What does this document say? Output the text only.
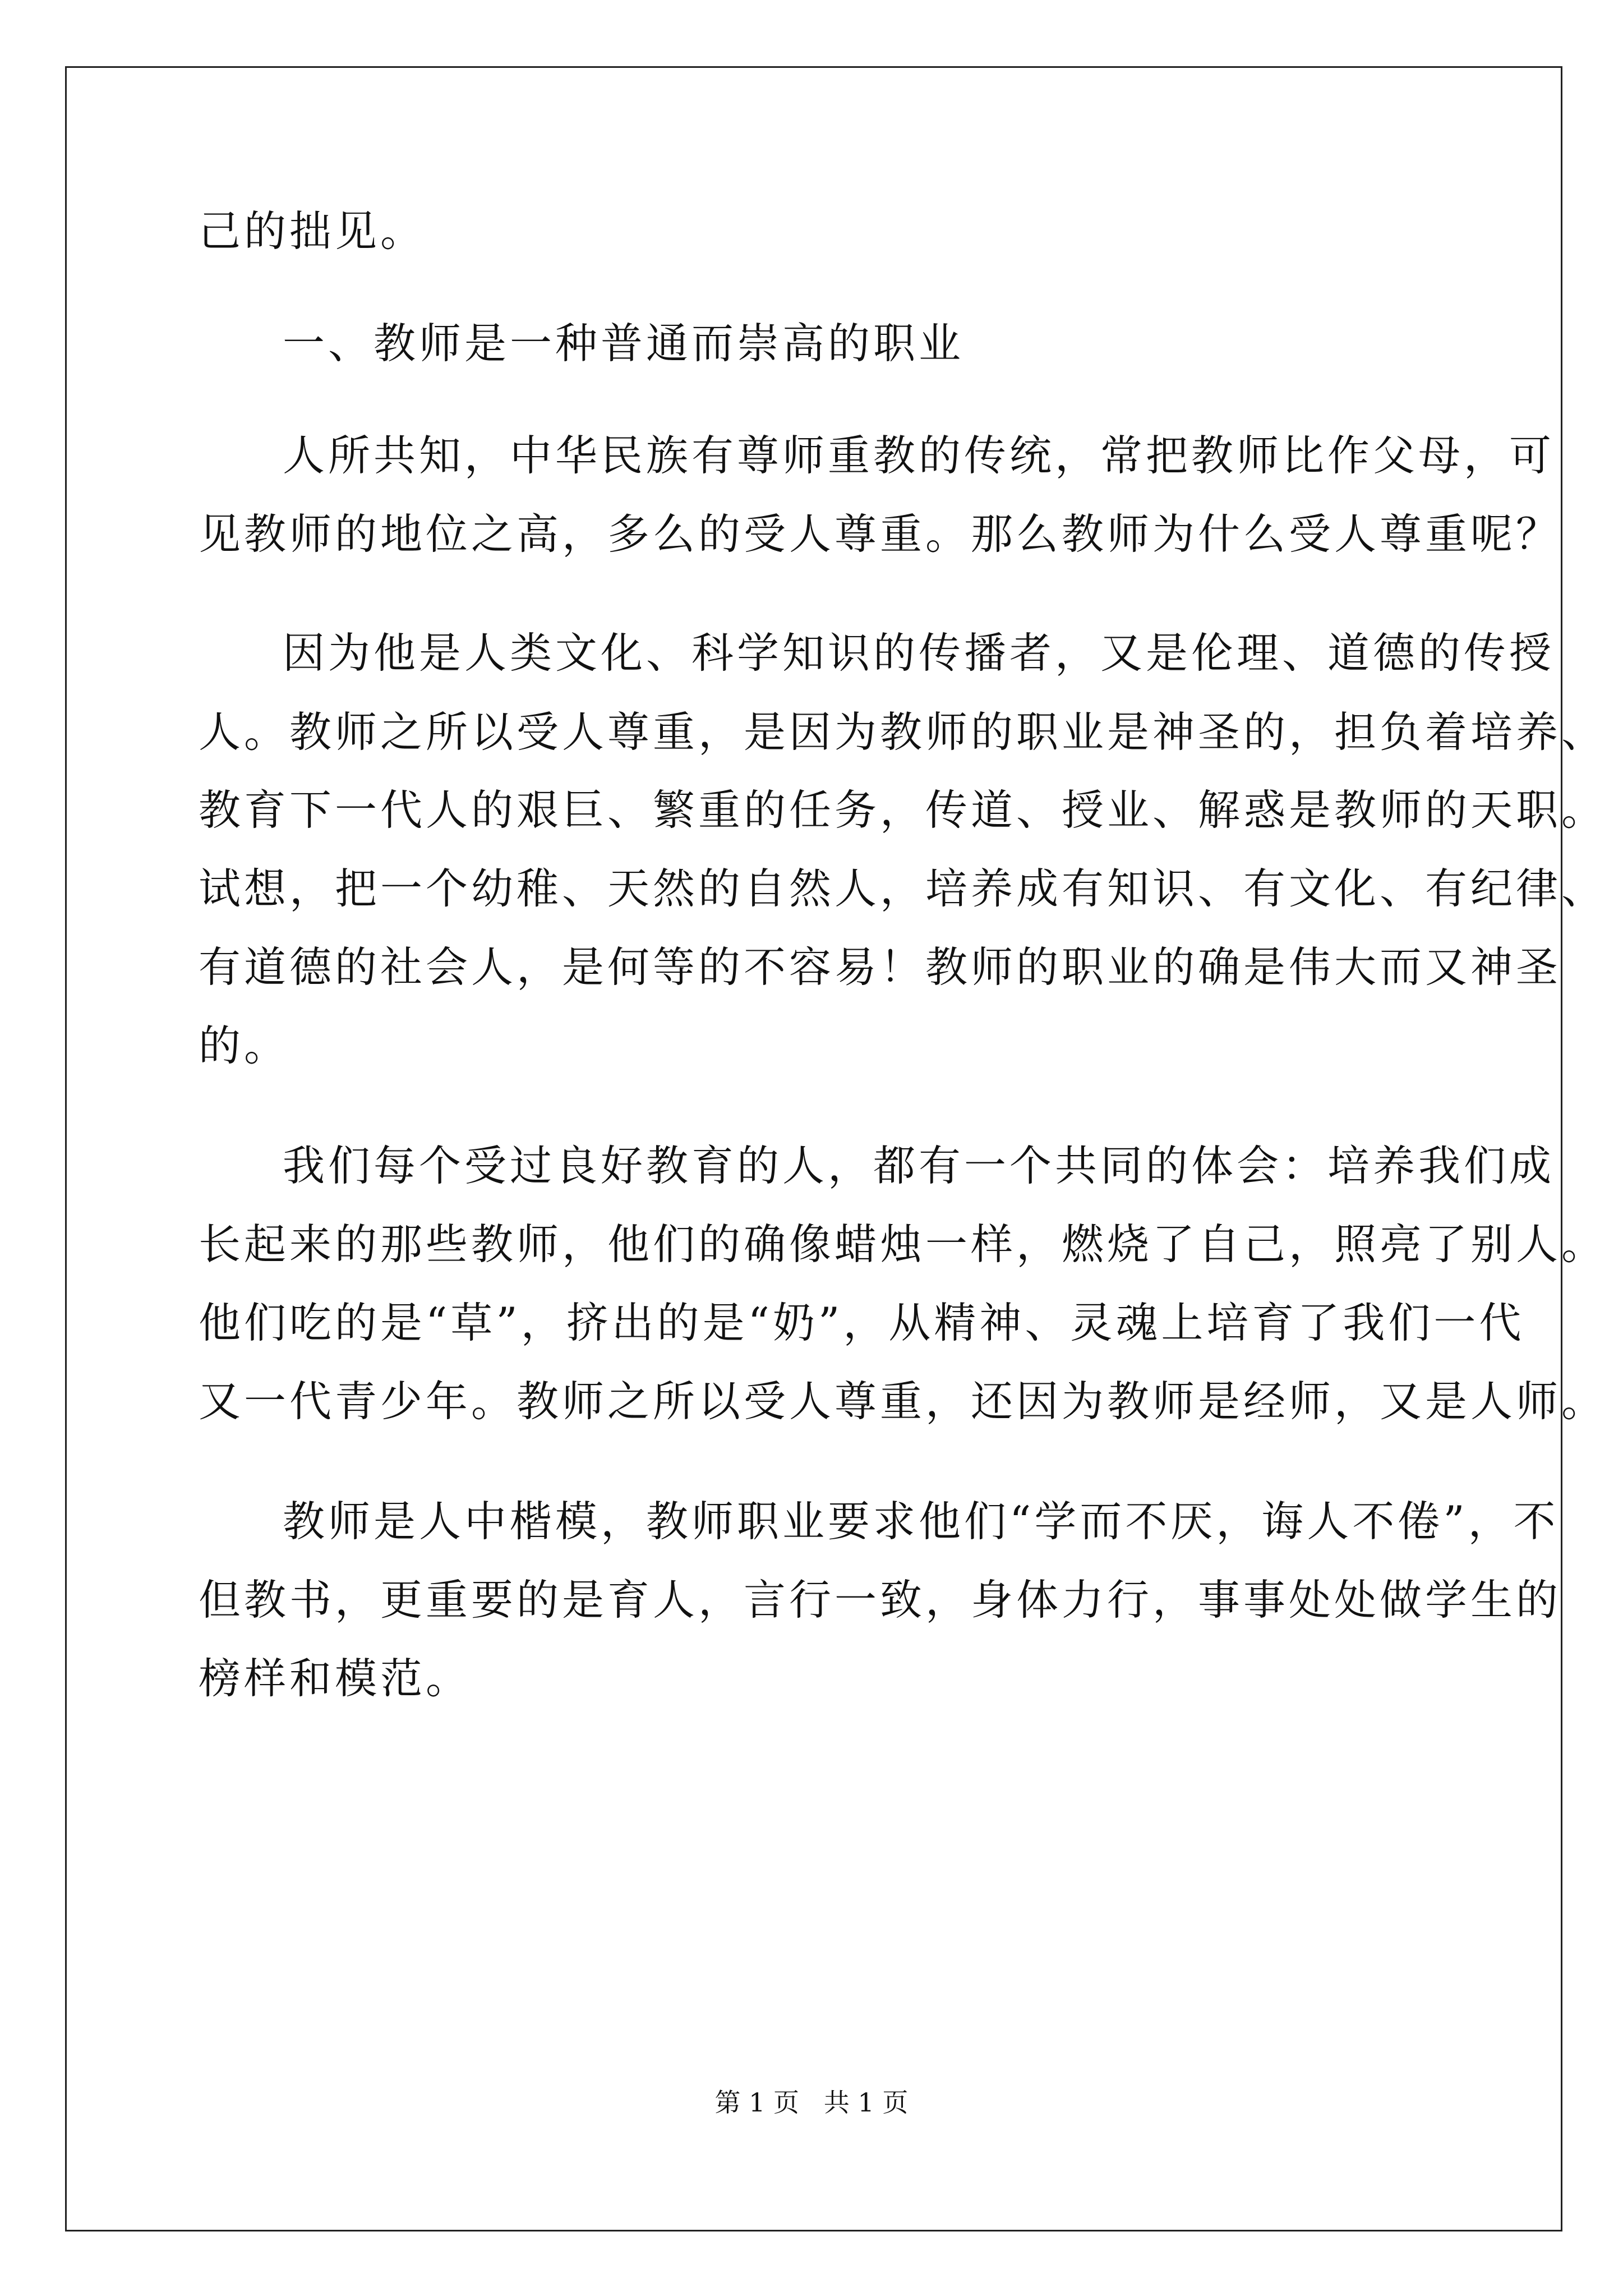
己的拙见。
一、教师是一种普通而崇高的职业
人所共知，中华民族有尊师重教的传统，常把教师比作父母，可
见教师的地位之高，多么的受人尊重。那么教师为什么受人尊重呢？
因为他是人类文化、科学知识的传播者，又是伦理、道德的传授
人。教师之所以受人尊重，是因为教师的职业是神圣的，担负着培养、
教育下一代人的艰巨、繁重的任务，传道、授业、解惑是教师的天职。
试想，把一个幼稚、天然的自然人，培养成有知识、有文化、有纪律、
有道德的社会人，是何等的不容易！教师的职业的确是伟大而又神圣
的。
我们每个受过良好教育的人，都有一个共同的体会：培养我们成
长起来的那些教师，他们的确像蜡烛一样，燃烧了自己，照亮了别人。
他们吃的是“草”，挤出的是“奶”，从精神、灵魂上培育了我们一代
又一代青少年。教师之所以受人尊重，还因为教师是经师，又是人师。
教师是人中楷模，教师职业要求他们“学而不厌，诲人不倦”，不
但教书，更重要的是育人，言行一致，身体力行，事事处处做学生的
榜样和模范。
第 1 页   共 1 页
